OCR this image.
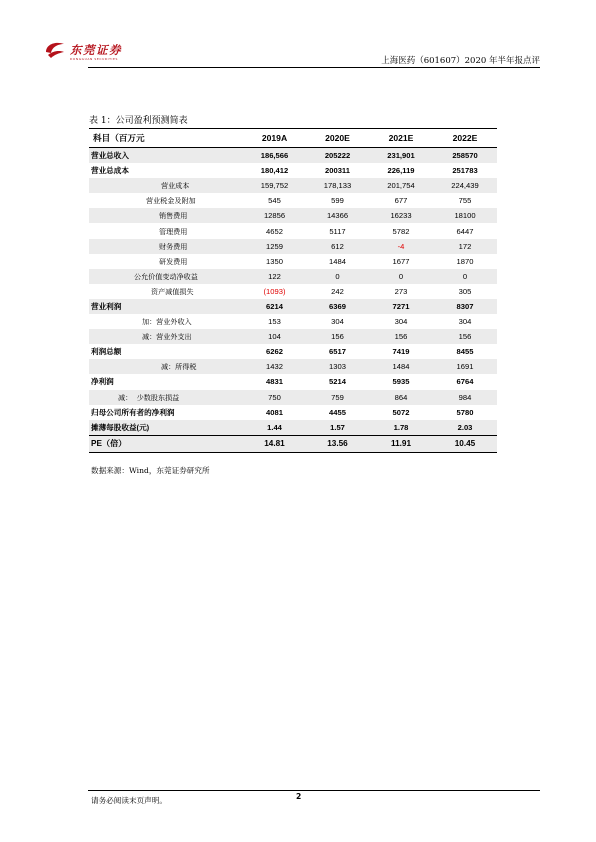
东莞证券
DONGGUAN SECURITIES	上海医药（601607）2020 年半年报点评
表 1：公司盈利预测简表
科目（百万元	2019A	2020E	2021E	2022E
营业总收入	186,566	205222	231,901	258570
营业总成本	180,412	200311	226,119	251783
营业成本	159,752	178,133	201,754	224,439
营业税金及附加	545	599	677	755
销售费用	12856	14366	16233	18100
管理费用	4652	5117	5782	6447
财务费用	1259	612	-4	172
研发费用	1350	1484	1677	1870
公允价值变动净收益	122	0	0	0
资产减值损失	(1093)	242	273	305
营业利润	6214	6369	7271	8307
加：营业外收入	153	304	304	304
减：营业外支出	104	156	156	156
利润总额	6262	6517	7419	8455
减：所得税	1432	1303	1484	1691
净利润	4831	5214	5935	6764
减：  少数股东损益	750	759	864	984
归母公司所有者的净利润	4081	4455	5072	5780
摊薄每股收益(元)	1.44	1.57	1.78	2.03
PE（倍）	14.81	13.56	11.91	10.45
数据来源：Wind，东莞证券研究所
请务必阅读末页声明。	2
